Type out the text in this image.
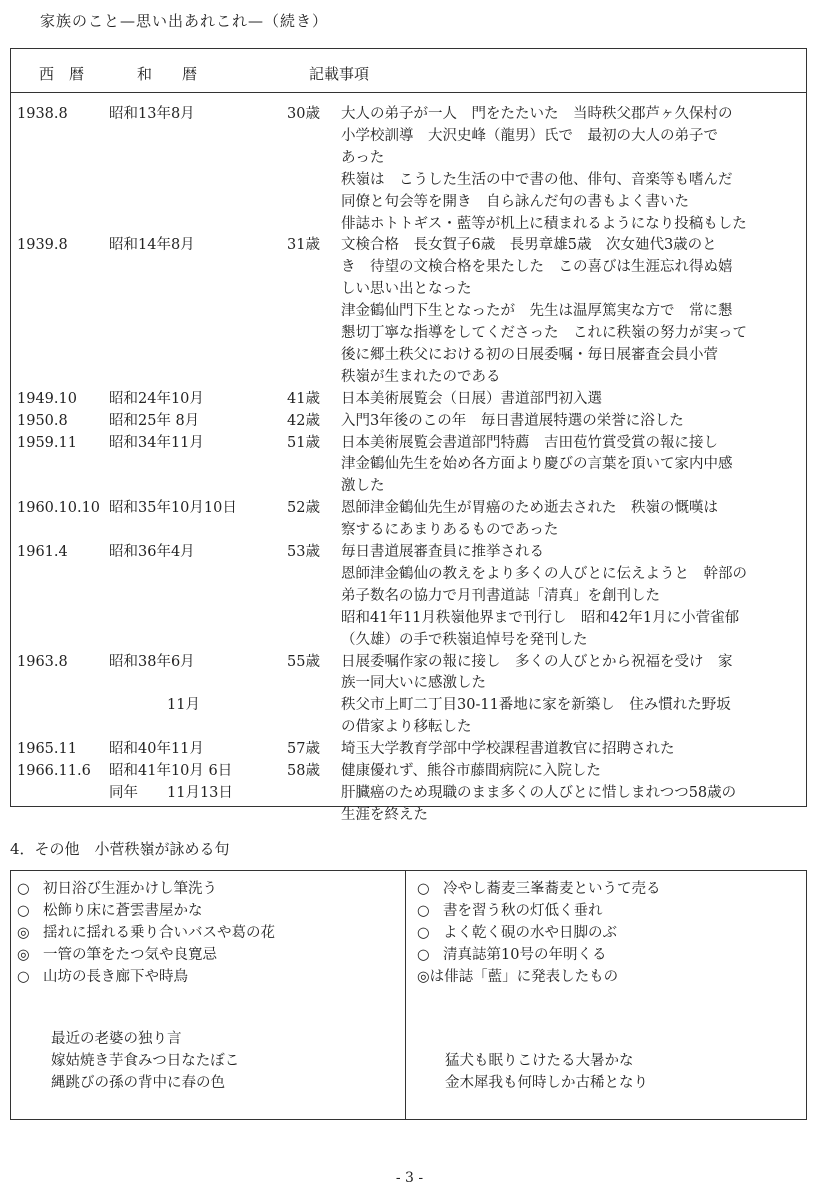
家族のこと—思い出あれこれ—（続き）
西　暦	和　　暦	記載事項
1938.8	昭和13年8月	30歳 大人の弟子が一人　門をたたいた　当時秩父郡芦ヶ久保村の
小学校訓導　大沢史峰（龍男）氏で　最初の大人の弟子で
あった
秩嶺は　こうした生活の中で書の他、俳句、音楽等も嗜んだ
同僚と句会等を開き　自ら詠んだ句の書もよく書いた
俳誌ホトトギス・藍等が机上に積まれるようになり投稿もした
1939.8	昭和14年8月	31歳 文検合格　長女賀子6歳　長男章雄5歳　次女廸代3歳のと
き　待望の文検合格を果たした　この喜びは生涯忘れ得ぬ嬉
しい思い出となった
津金鶴仙門下生となったが　先生は温厚篤実な方で　常に懇
懇切丁寧な指導をしてくださった　これに秩嶺の努力が実って
後に郷土秩父における初の日展委嘱・毎日展審査会員小菅
秩嶺が生まれたのである
1949.10 昭和24年10月	41歳 日本美術展覧会（日展）書道部門初入選
1950.8	昭和25年 8月	42歳 入門3年後のこの年　毎日書道展特選の栄誉に浴した
1959.11 昭和34年11月	51歳 日本美術展覧会書道部門特薦　吉田苞竹賞受賞の報に接し
津金鶴仙先生を始め各方面より慶びの言葉を頂いて家内中感
激した
1960.10.10 昭和35年10月10日	52歳 恩師津金鶴仙先生が胃癌のため逝去された　秩嶺の慨嘆は
察するにあまりあるものであった
1961.4	昭和36年4月	53歳 毎日書道展審査員に推挙される
恩師津金鶴仙の教えをより多くの人びとに伝えようと　幹部の
弟子数名の協力で月刊書道誌「清真」を創刊した
昭和41年11月秩嶺他界まで刊行し　昭和42年1月に小菅雀郁
（久雄）の手で秩嶺追悼号を発刊した
1963.8	昭和38年6月	55歳 日展委嘱作家の報に接し　多くの人びとから祝福を受け　家
族一同大いに感激した
　　　　11月	秩父市上町二丁目30-11番地に家を新築し　住み慣れた野坂
の借家より移転した
1965.11 昭和40年11月	57歳 埼玉大学教育学部中学校課程書道教官に招聘された
1966.11.6 昭和41年10月 6日	58歳 健康優れず、熊谷市藤間病院に入院した
同年　　11月13日	肝臓癌のため現職のまま多くの人びとに惜しまれつつ58歳の
生涯を終えた
4．その他　小菅秩嶺が詠める句
○ 初日浴び生涯かけし筆洗う
○ 松飾り床に蒼雲書屋かな
◎ 揺れに揺れる乗り合いバスや葛の花
◎ 一管の筆をたつ気や良寛忌
○ 山坊の長き廊下や時鳥
○ 冷やし蕎麦三峯蕎麦というて売る
○ 書を習う秋の灯低く垂れ
○ よく乾く硯の水や日脚のぶ
○ 清真誌第10号の年明くる
◎は俳誌「藍」に発表したもの
最近の老婆の独り言
嫁姑焼き芋食みつ日なたぼこ
縄跳びの孫の背中に春の色
猛犬も眠りこけたる大暑かな
金木犀我も何時しか古稀となり
- 3 -
